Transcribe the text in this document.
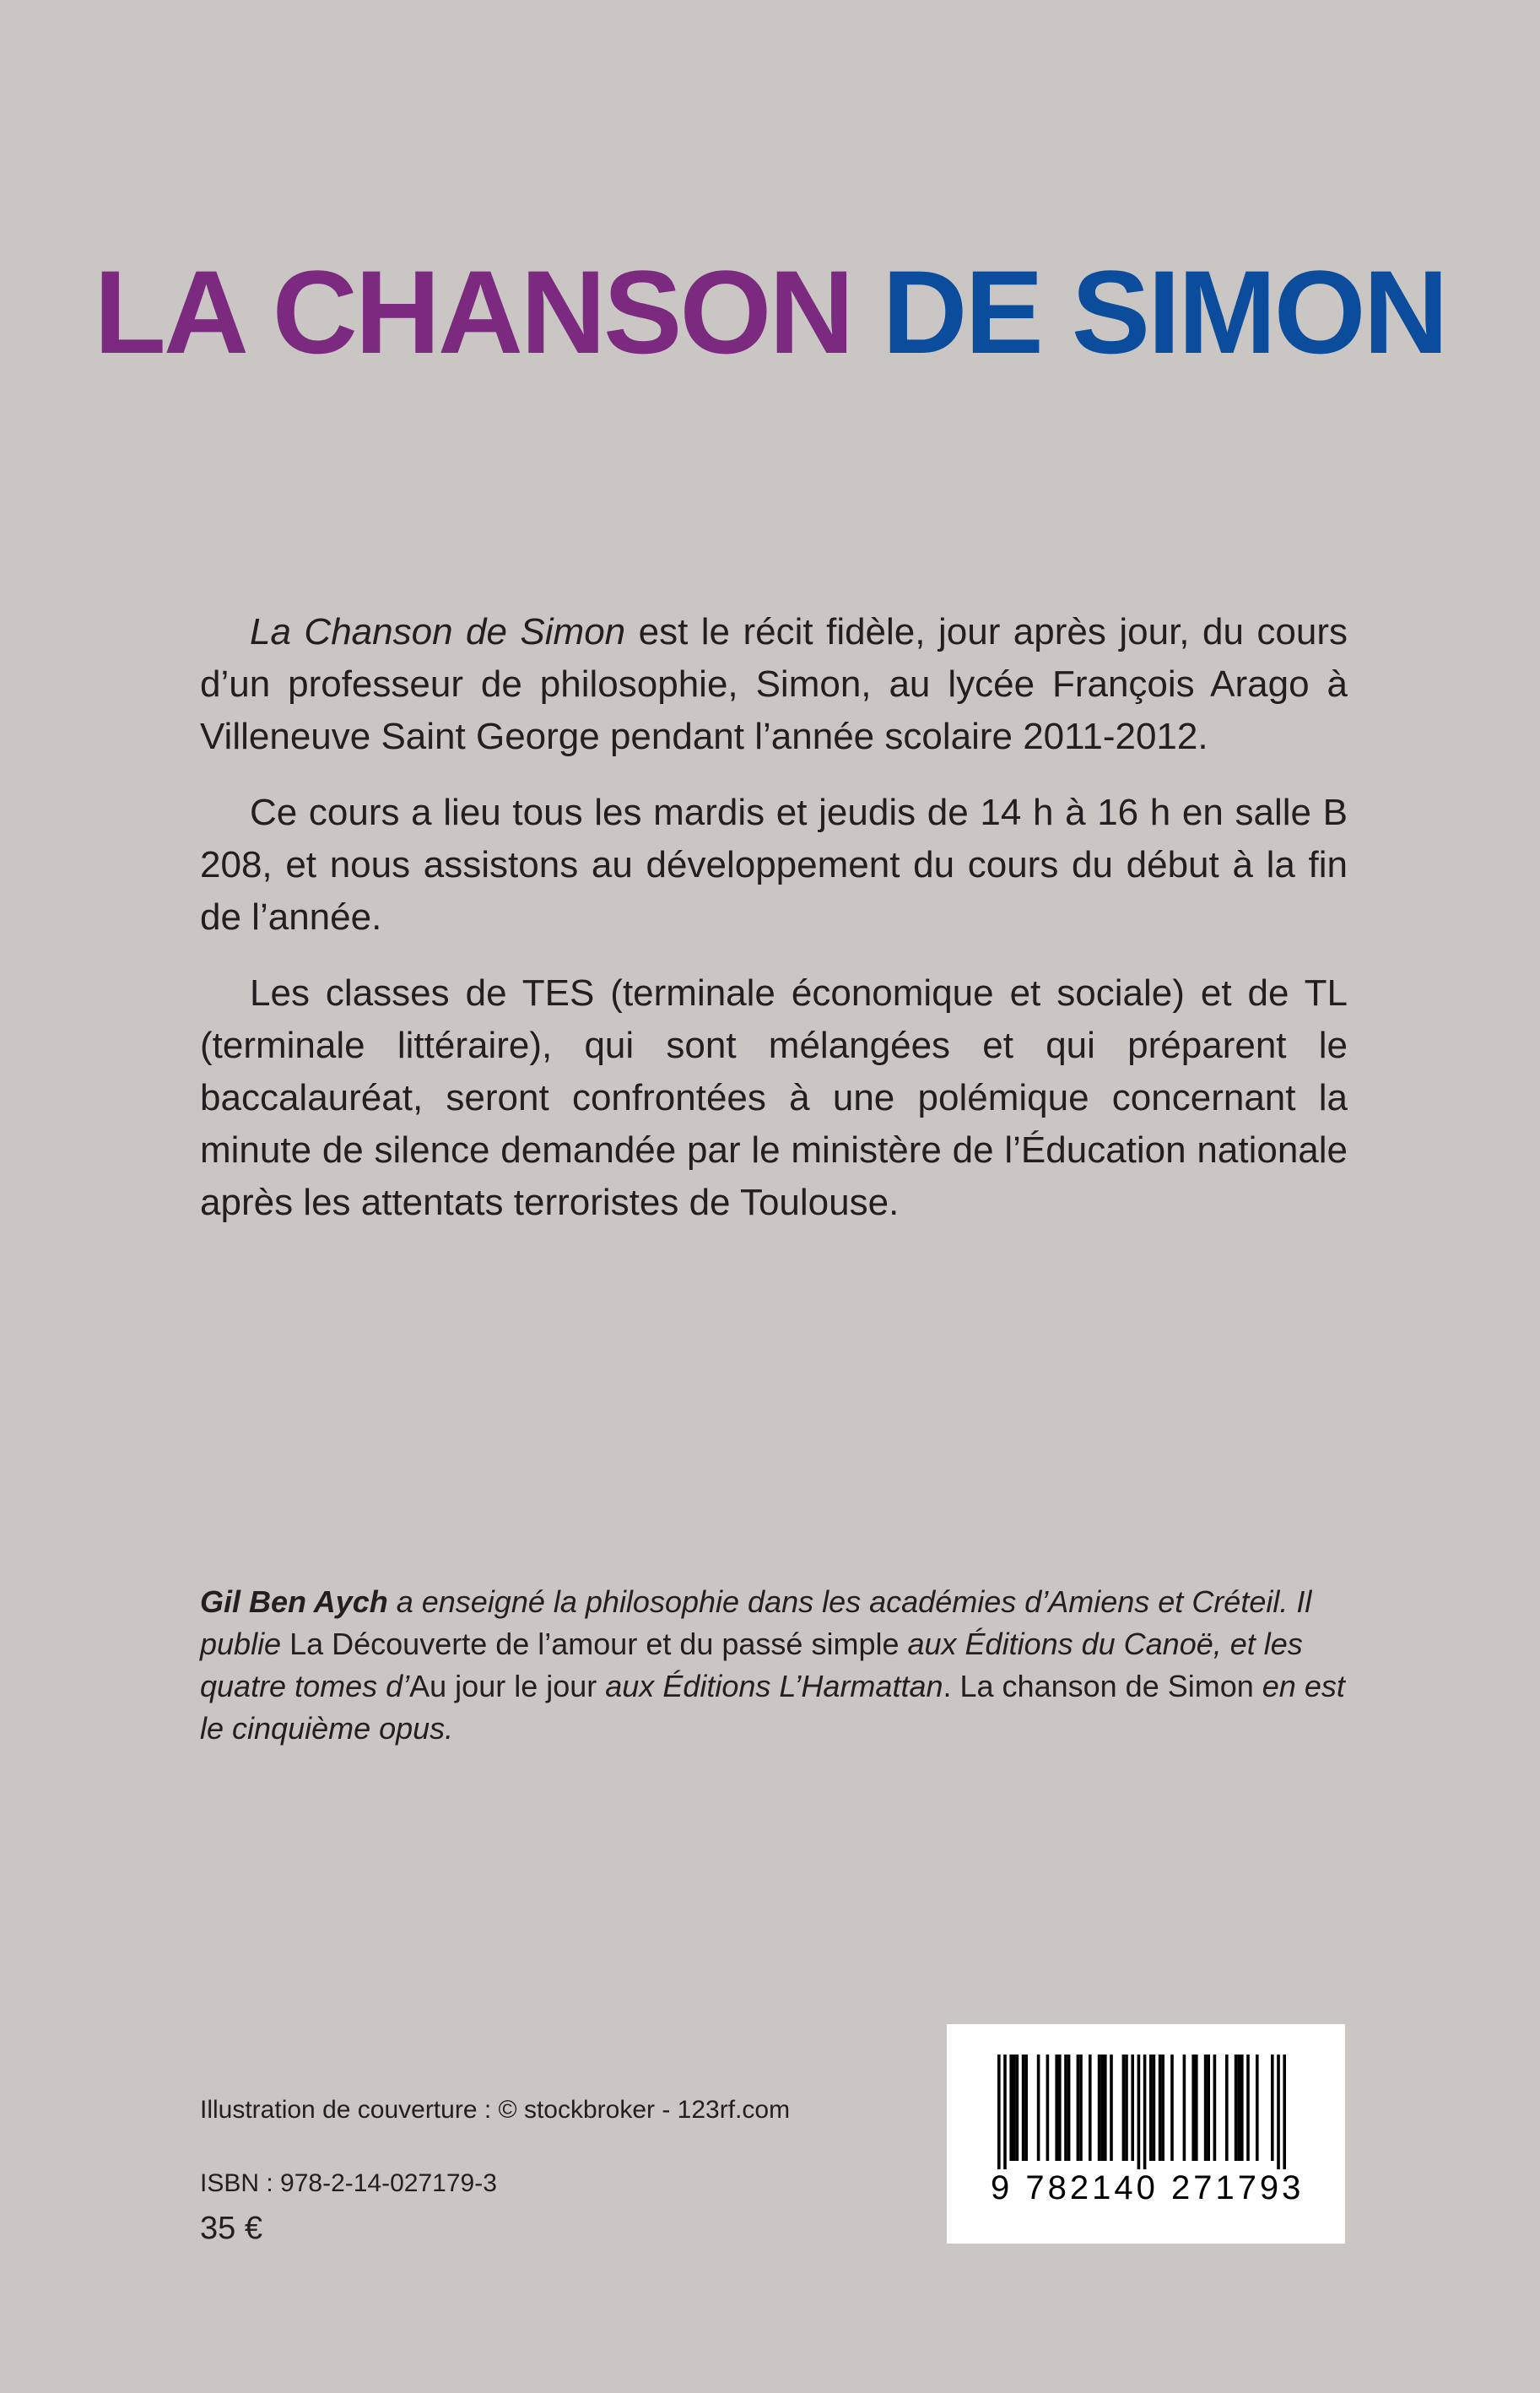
LA CHANSON DE SIMON

La Chanson de Simon est le récit fidèle, jour après jour, du cours d’un professeur de philosophie, Simon, au lycée François Arago à Villeneuve Saint George pendant l’année scolaire 2011-2012.

Ce cours a lieu tous les mardis et jeudis de 14 h à 16 h en salle B 208, et nous assistons au développement du cours du début à la fin de l’année.

Les classes de TES (terminale économique et sociale) et de TL (terminale littéraire), qui sont mélangées et qui préparent le baccalauréat, seront confrontées à une polémique concernant la minute de silence demandée par le ministère de l’Éducation nationale après les attentats terroristes de Toulouse.

Gil Ben Aych a enseigné la philosophie dans les académies d’Amiens et Créteil. Il publie La Découverte de l’amour et du passé simple aux Éditions du Canoë, et les quatre tomes d’Au jour le jour aux Éditions L’Harmattan. La chanson de Simon en est le cinquième opus.

Illustration de couverture : © stockbroker - 123rf.com
ISBN : 978-2-14-027179-3
35 €
9 782140 271793
